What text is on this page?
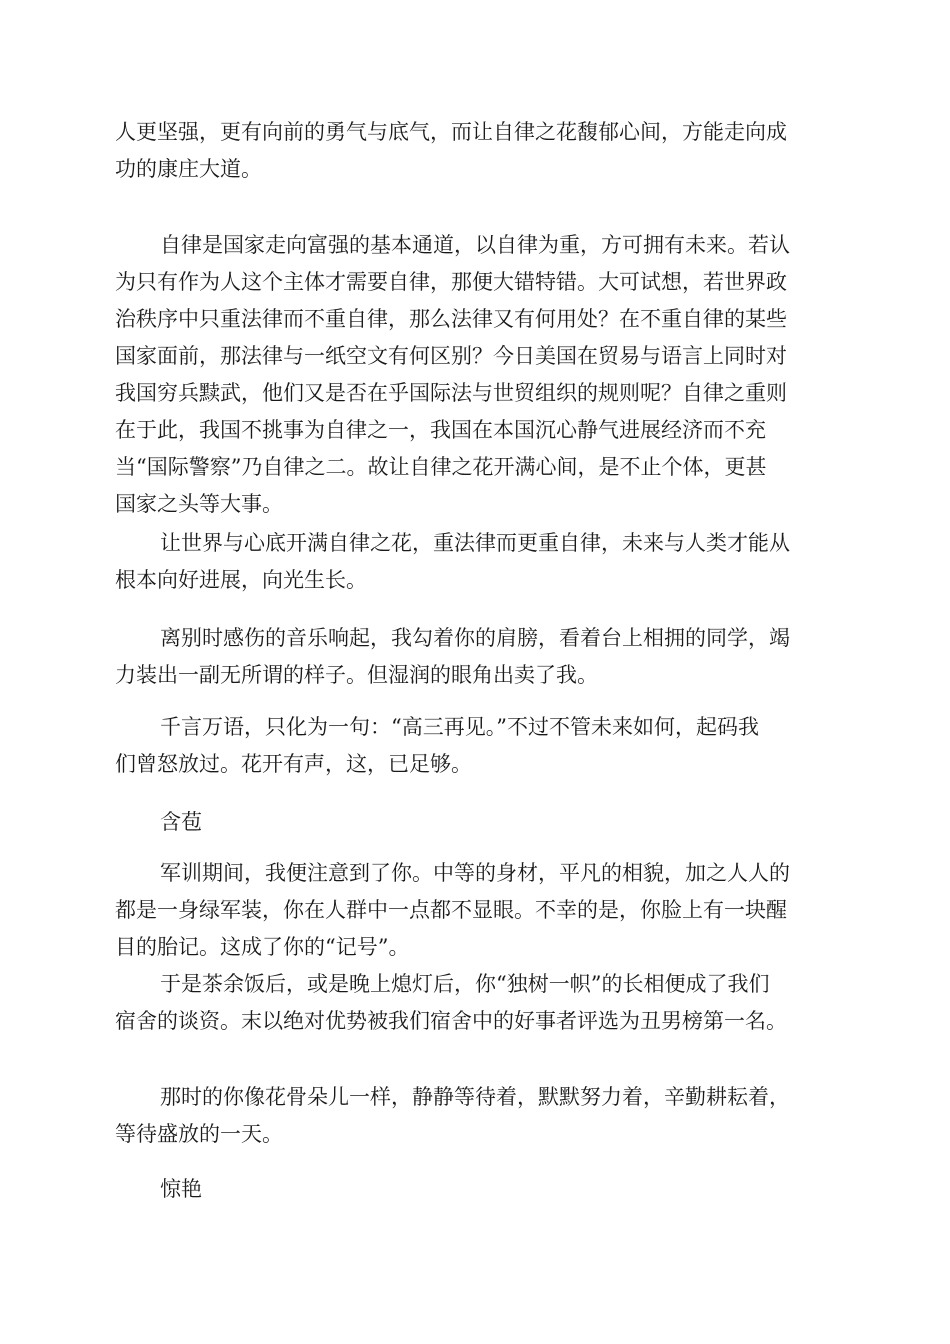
人更坚强，更有向前的勇气与底气，而让自律之花馥郁心间，方能走向成
功的康庄大道。

自律是国家走向富强的基本通道，以自律为重，方可拥有未来。若认
为只有作为人这个主体才需要自律，那便大错特错。大可试想，若世界政
治秩序中只重法律而不重自律，那么法律又有何用处？在不重自律的某些
国家面前，那法律与一纸空文有何区别？今日美国在贸易与语言上同时对
我国穷兵黩武，他们又是否在乎国际法与世贸组织的规则呢？自律之重则
在于此，我国不挑事为自律之一，我国在本国沉心静气进展经济而不充
当“国际警察”乃自律之二。故让自律之花开满心间，是不止个体，更甚
国家之头等大事。

让世界与心底开满自律之花，重法律而更重自律，未来与人类才能从
根本向好进展，向光生长。

离别时感伤的音乐响起，我勾着你的肩膀，看着台上相拥的同学，竭
力装出一副无所谓的样子。但湿润的眼角出卖了我。

千言万语，只化为一句：“高三再见。”不过不管未来如何，起码我
们曾怒放过。花开有声，这，已足够。

含苞

军训期间，我便注意到了你。中等的身材，平凡的相貌，加之人人的
都是一身绿军装，你在人群中一点都不显眼。不幸的是，你脸上有一块醒
目的胎记。这成了你的“记号”。

于是茶余饭后，或是晚上熄灯后，你“独树一帜”的长相便成了我们
宿舍的谈资。末以绝对优势被我们宿舍中的好事者评选为丑男榜第一名。

那时的你像花骨朵儿一样，静静等待着，默默努力着，辛勤耕耘着，
等待盛放的一天。

惊艳
